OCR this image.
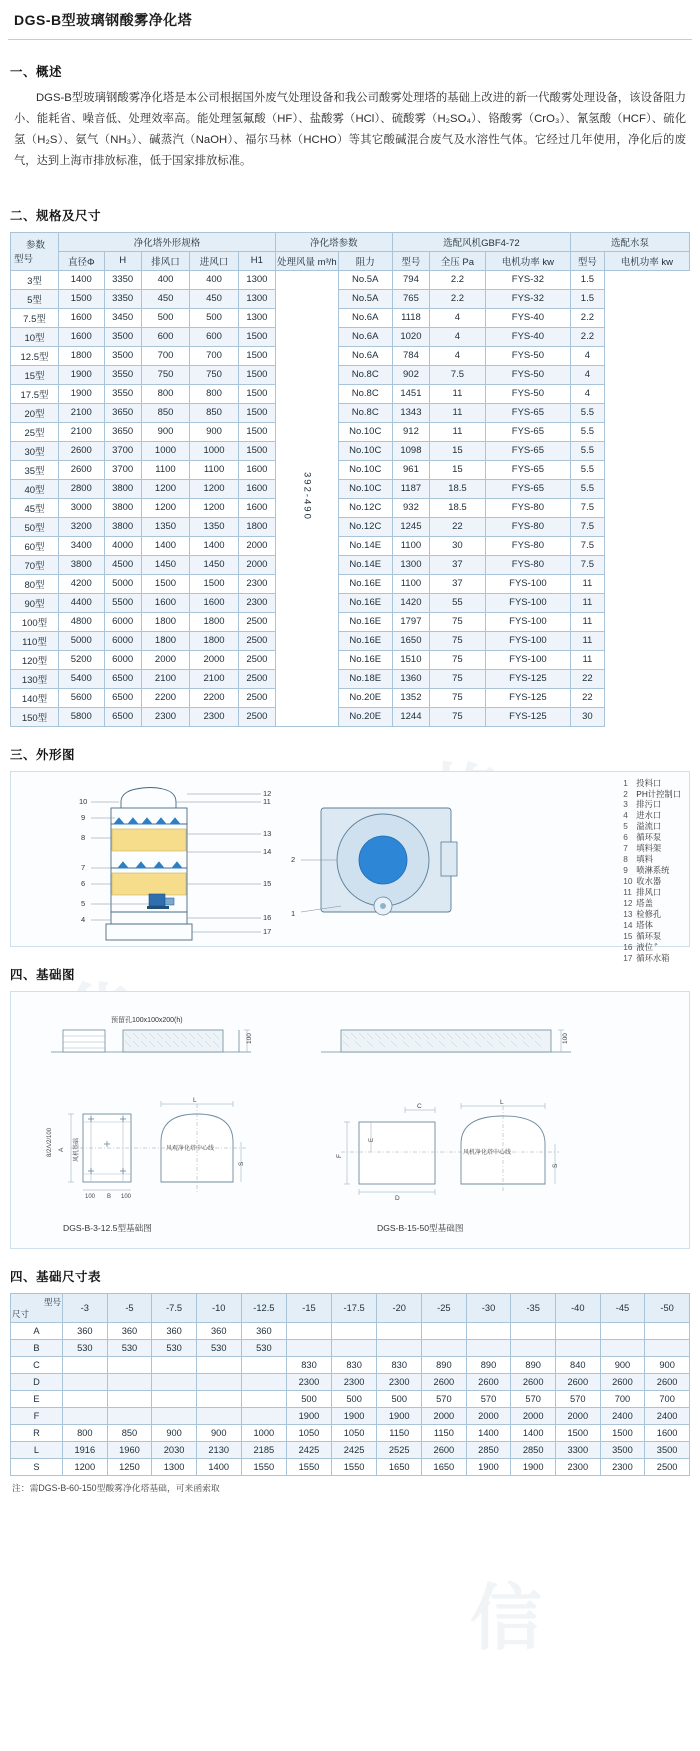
信
DGS-B型玻璃钢酸雾净化塔
一、概述
DGS-B型玻璃钢酸雾净化塔是本公司根据国外废气处理设备和我公司酸雾处理塔的基础上改进的新一代酸雾处理设备，该设备阻力小、能耗省、噪音低、处理效率高。能处理氢氟酸（HF）、盐酸雾（HCl）、硫酸雾（H₂SO₄）、铬酸雾（CrO₃）、氰氢酸（HCF）、硫化氢（H₂S）、氨气（NH₃）、碱蒸汽（NaOH）、福尔马林（HCHO）等其它酸碱混合废气及水溶性气体。它经过几年使用，净化后的废气，达到上海市排放标准，低于国家排放标准。
二、规格及尺寸
参数
型号	净化塔外形规格					净化塔参数		选配风机GBF4-72			选配水泵	
	直径Φ	H	排风口	进风口	H1	处理风量 m³/h	阻力	型号	全压 Pa	电机功率 kw	型号	电机功率 kw
3型	1400	3350	400	400	1300	392-490	No.5A	794	2.2	FYS-32	1.5	
5型	1500	3350	450	450	1300		No.5A	765	2.2	FYS-32	1.5	
7.5型	1600	3450	500	500	1300		No.6A	1118	4	FYS-40	2.2	
10型	1600	3500	600	600	1500		No.6A	1020	4	FYS-40	2.2	
12.5型	1800	3500	700	700	1500		No.6A	784	4	FYS-50	4	
15型	1900	3550	750	750	1500		No.8C	902	7.5	FYS-50	4	
17.5型	1900	3550	800	800	1500		No.8C	1451	11	FYS-50	4	
20型	2100	3650	850	850	1500		No.8C	1343	11	FYS-65	5.5	
25型	2100	3650	900	900	1500		No.10C	912	11	FYS-65	5.5	
30型	2600	3700	1000	1000	1500		No.10C	1098	15	FYS-65	5.5	
35型	2600	3700	1100	1100	1600		No.10C	961	15	FYS-65	5.5	
40型	2800	3800	1200	1200	1600		No.10C	1187	18.5	FYS-65	5.5	
45型	3000	3800	1200	1200	1600		No.12C	932	18.5	FYS-80	7.5	
50型	3200	3800	1350	1350	1800		No.12C	1245	22	FYS-80	7.5	
60型	3400	4000	1400	1400	2000		No.14E	1100	30	FYS-80	7.5	
70型	3800	4500	1450	1450	2000		No.14E	1300	37	FYS-80	7.5	
80型	4200	5000	1500	1500	2300		No.16E	1100	37	FYS-100	11	
90型	4400	5500	1600	1600	2300		No.16E	1420	55	FYS-100	11	
100型	4800	6000	1800	1800	2500		No.16E	1797	75	FYS-100	11	
110型	5000	6000	1800	1800	2500		No.16E	1650	75	FYS-100	11	
120型	5200	6000	2000	2000	2500		No.16E	1510	75	FYS-100	11	
130型	5400	6500	2100	2100	2500		No.18E	1360	75	FYS-125	22	
140型	5600	6500	2200	2200	2500		No.20E	1352	75	FYS-125	22	
150型	5800	6500	2300	2300	2500		No.20E	1244	75	FYS-125	30	
三、外形图
10
9
8
7
6
5
4
12
11
13
14
15
16
17
2
1
1 投料口
2 PH计控制口
3 排污口
4 进水口
5 溢流口
6 循环泵
7 填料架
8 填料
9 喷淋系统
10 收水器
11 排风口
12 塔盖
13 检修孔
14 塔体
15 循环泵
16 液位ާ
17 循环水箱
四、基础图
预留孔100x100x200(h)
100	100
A	风机基础
8/2Λ/2/100
L
S
风观净化塔中心线
100 B 100
F
E
D
C
L
S
风机净化塔中心线
DGS-B-3-12.5型基础图	DGS-B-15-50型基础图
四、基础尺寸表
型号
尺寸	-3	-5	-7.5	-10	-12.5	-15	-17.5	-20	-25	-30	-35	-40	-45	-50
A	360	360	360	360	360									
B	530	530	530	530	530									
C						830	830	830	890	890	890	840	900	900
D						2300	2300	2300	2600	2600	2600	2600	2600	2600
E						500	500	500	570	570	570	570	700	700
F						1900	1900	1900	2000	2000	2000	2000	2400	2400
R	800	850	900	900	1000	1050	1050	1150	1150	1400	1400	1500	1500	1600
L	1916	1960	2030	2130	2185	2425	2425	2525	2600	2850	2850	3300	3500	3500
S	1200	1250	1300	1400	1550	1550	1550	1650	1650	1900	1900	2300	2300	2500
注：需DGS-B-60-150型酸雾净化塔基础，可来函索取
